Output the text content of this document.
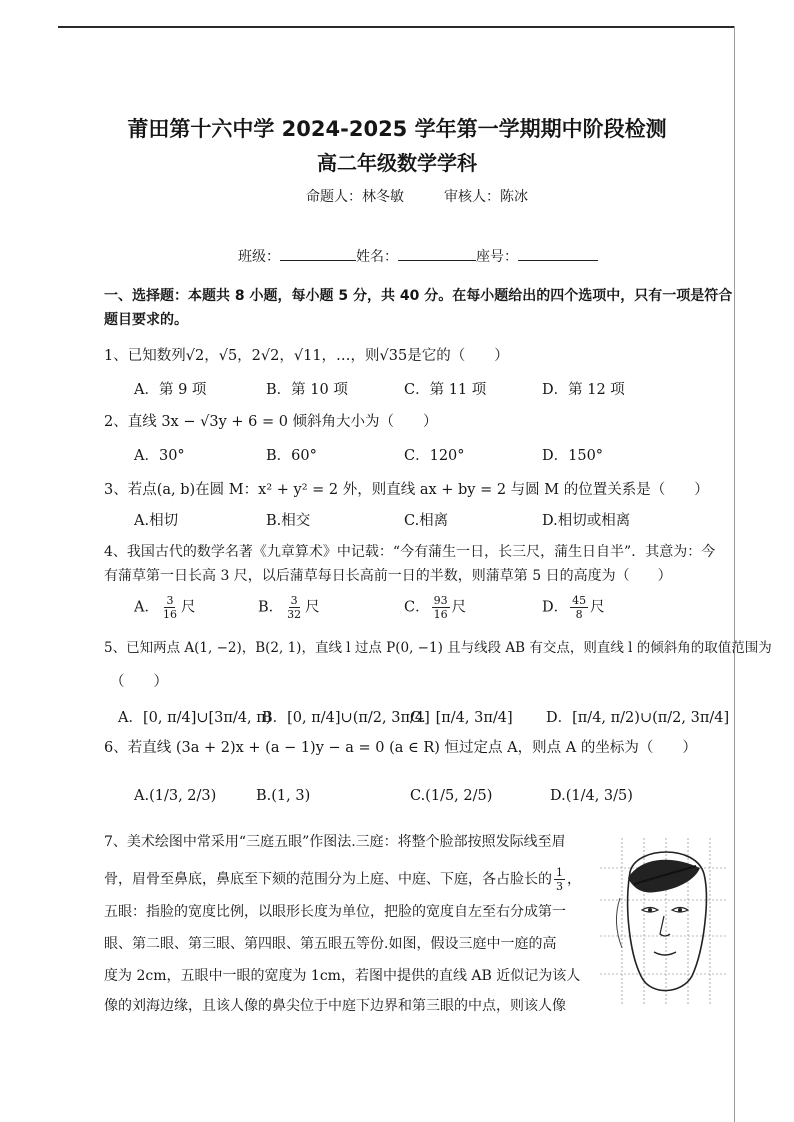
莆田第十六中学 2024-2025 学年第一学期期中阶段检测
高二年级数学学科
命题人：林冬敏	审核人：陈冰
班级：	姓名：	座号：
一、选择题：本题共 8 小题，每小题 5 分，共 40 分。在每小题给出的四个选项中，只有一项是符合
题目要求的。
1、已知数列√2，√5，2√2，√11，…，则√35是它的（　　）
A．第 9 项	B．第 10 项	C．第 11 项	D．第 12 项
2、直线 3x − √3y + 6 = 0 倾斜角大小为（　　）
A．30°	B．60°	C．120°	D．150°
3、若点(a, b)在圆 M：x² + y² = 2 外，则直线 ax + by = 2 与圆 M 的位置关系是（　　）
A.相切	B.相交	C.相离	D.相切或相离
4、我国古代的数学名著《九章算术》中记载：“今有蒲生一日，长三尺，蒲生日自半”．其意为：今
有蒲草第一日长高 3 尺，以后蒲草每日长高前一日的半数，则蒲草第 5 日的高度为（　　）
A． $\frac{3}{16}$ 尺	B． $\frac{3}{32}$ 尺	C． $\frac{93}{16}$ 尺	D． $\frac{45}{8}$ 尺
5、已知两点 A(1, −2)，B(2, 1)，直线 l 过点 P(0, −1) 且与线段 AB 有交点，则直线 l 的倾斜角的取值范围为
（　　）
A．[0, π/4]∪[3π/4, π)
B．[0, π/4]∪(π/2, 3π/4]
C．[π/4, 3π/4] D．[π/4, π/2)∪(π/2, 3π/4]
6、若直线 (3a + 2)x + (a − 1)y − a = 0 (a ∈ R) 恒过定点 A，则点 A 的坐标为（　　）
A.(1/3, 2/3)	B.(1, 3)	C.(1/5, 2/5)	D.(1/4, 3/5)
7、美术绘图中常采用“三庭五眼”作图法.三庭：将整个脸部按照发际线至眉
骨，眉骨至鼻底，鼻底至下颏的范围分为上庭、中庭、下庭，各占脸长的 $\frac{1}{3}$ ，
五眼：指脸的宽度比例，以眼形长度为单位，把脸的宽度自左至右分成第一
眼、第二眼、第三眼、第四眼、第五眼五等份.如图，假设三庭中一庭的高
度为 2cm，五眼中一眼的宽度为 1cm，若图中提供的直线 AB 近似记为该人
像的刘海边缘，且该人像的鼻尖位于中庭下边界和第三眼的中点，则该人像
